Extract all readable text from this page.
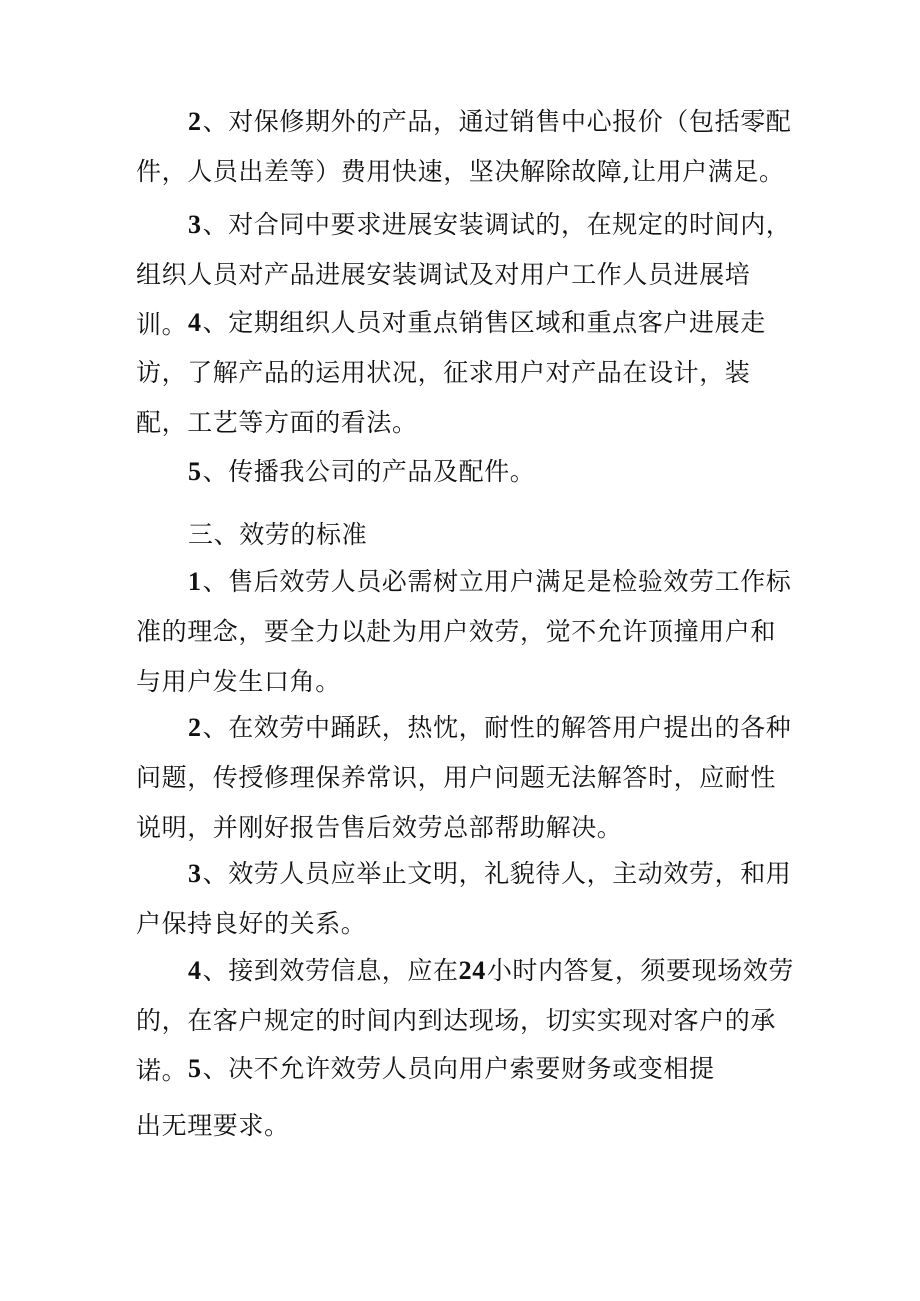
2、对保修期外的产品，通过销售中心报价（包括零配件，人员出差等）费用快速，坚决解除故障,让用户满足。

3、对合同中要求进展安装调试的，在规定的时间内，组织人员对产品进展安装调试及对用户工作人员进展培训。 4、定期组织人员对重点销售区域和重点客户进展走访，了解产品的运用状况，征求用户对产品在设计，装配，工艺等方面的看法。

5、传播我公司的产品及配件。

三、效劳的标准

1、售后效劳人员必需树立用户满足是检验效劳工作标准的理念，要全力以赴为用户效劳，觉不允许顶撞用户和与用户发生口角。

2、在效劳中踊跃，热忱，耐性的解答用户提出的各种问题，传授修理保养常识，用户问题无法解答时，应耐性说明，并刚好报告售后效劳总部帮助解决。

3、效劳人员应举止文明，礼貌待人，主动效劳，和用户保持良好的关系。

4、接到效劳信息，应在24小时内答复，须要现场效劳的，在客户规定的时间内到达现场，切实实现对客户的承诺。 5、决不允许效劳人员向用户索要财务或变相提

出无理要求。
